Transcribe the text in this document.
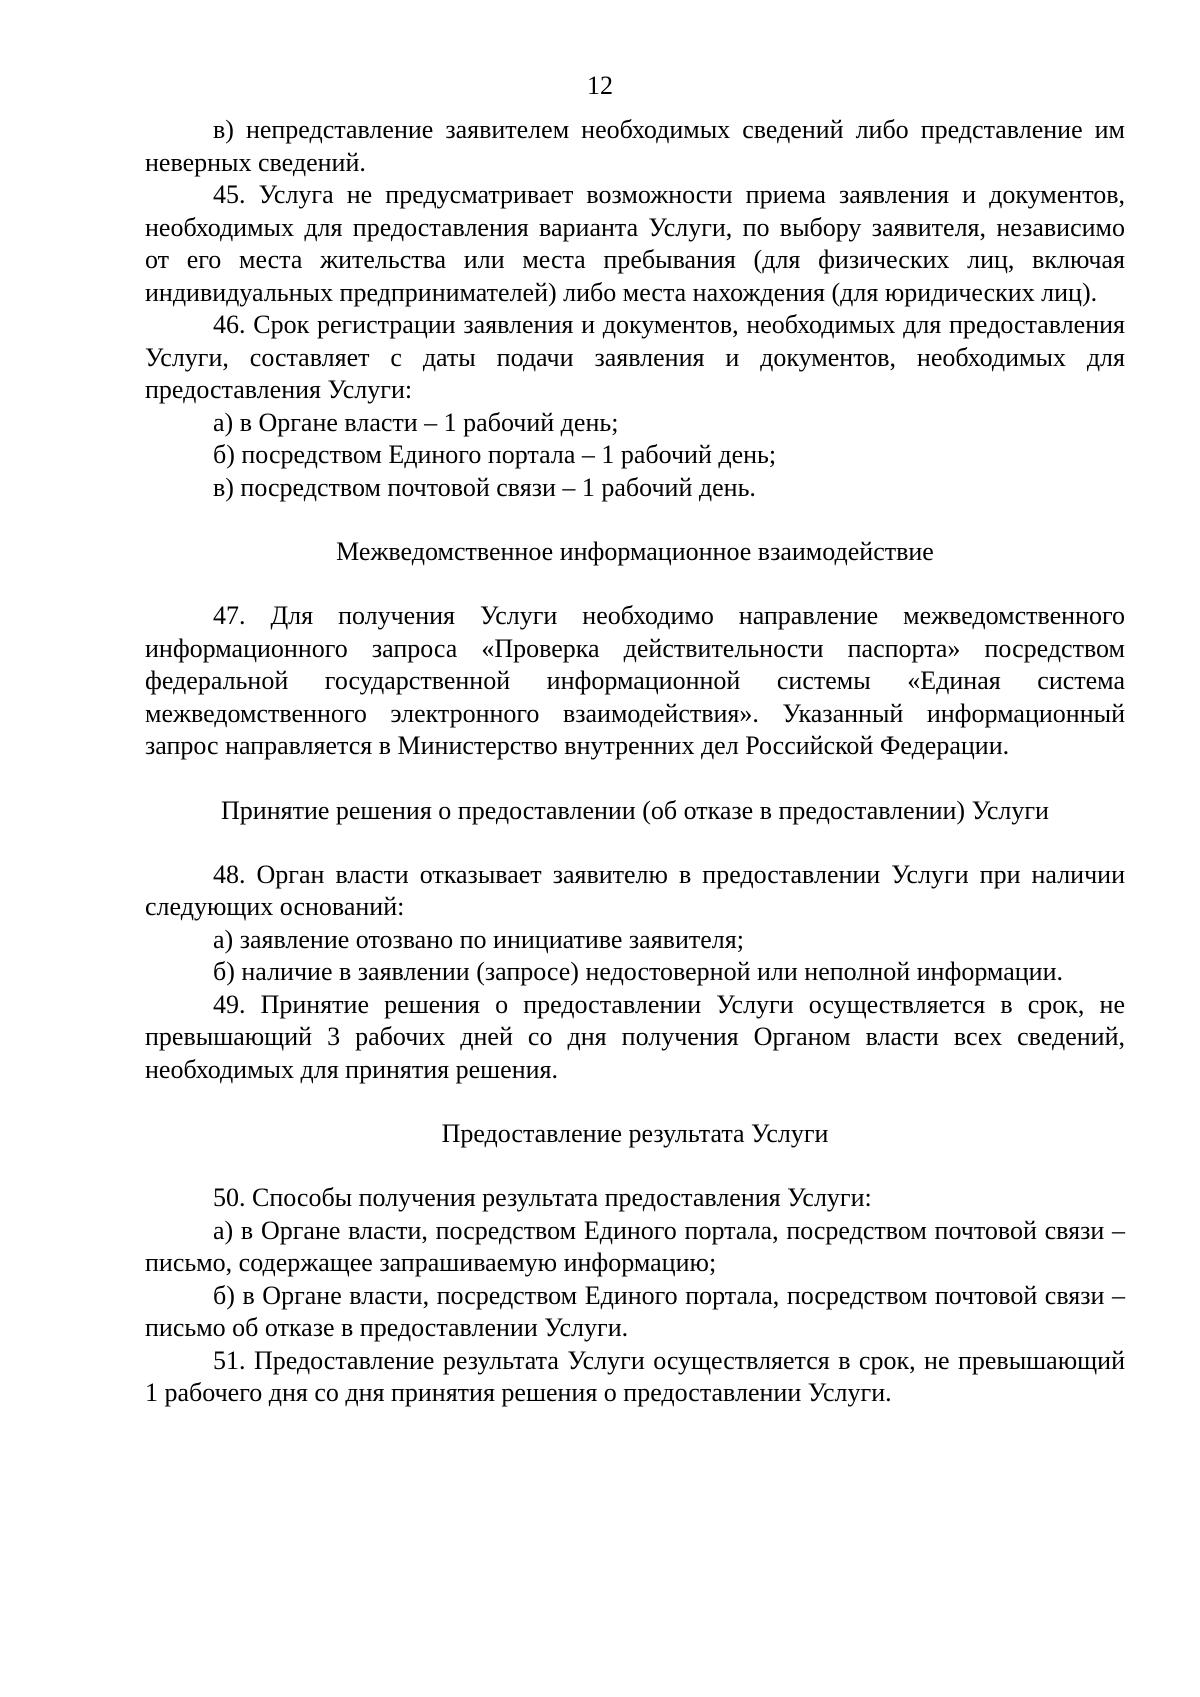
12

в) непредставление заявителем необходимых сведений либо представление им неверных сведений.

45. Услуга не предусматривает возможности приема заявления и документов, необходимых для предоставления варианта Услуги, по выбору заявителя, независимо от его места жительства или места пребывания (для физических лиц, включая индивидуальных предпринимателей) либо места нахождения (для юридических лиц).

46. Срок регистрации заявления и документов, необходимых для предоставления Услуги, составляет с даты подачи заявления и документов, необходимых для предоставления Услуги:

а) в Органе власти – 1 рабочий день;

б) посредством Единого портала – 1 рабочий день;

в) посредством почтовой связи – 1 рабочий день.

Межведомственное информационное взаимодействие

47. Для получения Услуги необходимо направление межведомственного информационного запроса «Проверка действительности паспорта» посредством федеральной государственной информационной системы «Единая система межведомственного электронного взаимодействия». Указанный информационный запрос направляется в Министерство внутренних дел Российской Федерации.

Принятие решения о предоставлении (об отказе в предоставлении) Услуги

48. Орган власти отказывает заявителю в предоставлении Услуги при наличии следующих оснований:

а) заявление отозвано по инициативе заявителя;

б) наличие в заявлении (запросе) недостоверной или неполной информации.

49. Принятие решения о предоставлении Услуги осуществляется в срок, не превышающий 3 рабочих дней со дня получения Органом власти всех сведений, необходимых для принятия решения.

Предоставление результата Услуги

50. Способы получения результата предоставления Услуги:

а) в Органе власти, посредством Единого портала, посредством почтовой связи – письмо, содержащее запрашиваемую информацию;

б) в Органе власти, посредством Единого портала, посредством почтовой связи – письмо об отказе в предоставлении Услуги.

51. Предоставление результата Услуги осуществляется в срок, не превышающий 1 рабочего дня со дня принятия решения о предоставлении Услуги.
